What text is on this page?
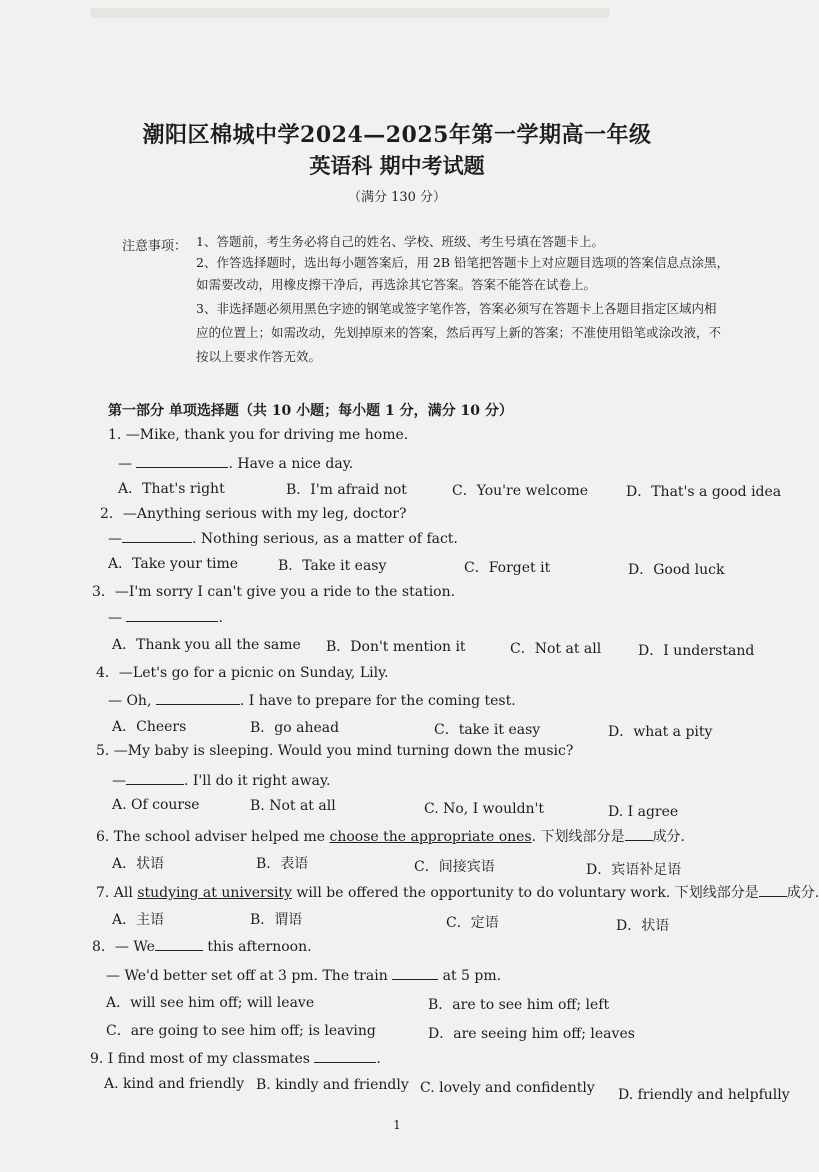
潮阳区棉城中学2024—2025年第一学期高一年级
英语科 期中考试题
（满分 130 分）
注意事项： 1、答题前，考生务必将自己的姓名、学校、班级、考生号填在答题卡上。
2、作答选择题时，选出每小题答案后，用 2B 铅笔把答题卡上对应题目选项的答案信息点涂黑，
如需要改动，用橡皮擦干净后，再选涂其它答案。答案不能答在试卷上。
3、非选择题必须用黑色字迹的钢笔或签字笔作答，答案必须写在答题卡上各题目指定区域内相
应的位置上；如需改动，先划掉原来的答案，然后再写上新的答案；不准使用铅笔或涂改液，不
按以上要求作答无效。
第一部分 单项选择题（共 10 小题；每小题 1 分，满分 10 分）
1. —Mike, thank you for driving me home.
—	. Have a nice day.
A．That's right	B．I'm afraid not	C．You're welcome	D．That's a good idea
2．—Anything serious with my leg, doctor?
—	. Nothing serious, as a matter of fact.
A．Take your time	B．Take it easy	C．Forget it	D．Good luck
3．—I'm sorry I can't give you a ride to the station.
—	.
A．Thank you all the same B．Don't mention it	C．Not at all	D．I understand
4．—Let's go for a picnic on Sunday, Lily.
— Oh,	. I have to prepare for the coming test.
A．Cheers	B．go ahead	C．take it easy	D．what a pity
5. —My baby is sleeping. Would you mind turning down the music?
—	. I'll do it right away.
A. Of course	B. Not at all	C. No, I wouldn't	D. I agree
6. The school adviser helped me choose the appropriate ones. 下划线部分是 成分.
A．状语	B．表语	C．间接宾语	D．宾语补足语
7. All studying at university will be offered the opportunity to do voluntary work. 下划线部分是 成分.
A．主语	B．谓语	C．定语	D．状语
8．— We	this afternoon.
— We'd better set off at 3 pm. The train	at 5 pm.
A．will see him off; will leave	B．are to see him off; left
C．are going to see him off; is leaving	D．are seeing him off; leaves
9. I find most of my classmates	.
A. kind and friendly B. kindly and friendly C. lovely and confidently D. friendly and helpfully
1
